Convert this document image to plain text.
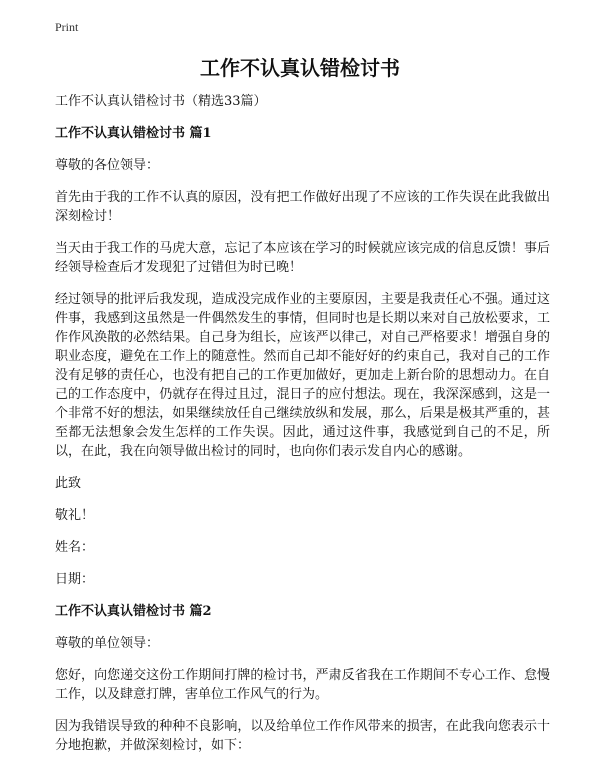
Print
工作不认真认错检讨书

工作不认真认错检讨书（精选33篇）

工作不认真认错检讨书 篇1

尊敬的各位领导：

首先由于我的工作不认真的原因，没有把工作做好出现了不应该的工作失误在此我做出深刻检讨！

当天由于我工作的马虎大意，忘记了本应该在学习的时候就应该完成的信息反馈！事后经领导检查后才发现犯了过错但为时已晚！

经过领导的批评后我发现，造成没完成作业的主要原因，主要是我责任心不强。通过这件事，我感到这虽然是一件偶然发生的事情，但同时也是长期以来对自己放松要求，工作作风涣散的必然结果。自己身为组长，应该严以律己，对自己严格要求！增强自身的职业态度，避免在工作上的随意性。然而自己却不能好好的约束自己，我对自己的工作没有足够的责任心，也没有把自己的工作更加做好，更加走上新台阶的思想动力。在自己的工作态度中，仍就存在得过且过，混日子的应付想法。现在，我深深感到，这是一个非常不好的想法，如果继续放任自己继续放纵和发展，那么，后果是极其严重的，甚至都无法想象会发生怎样的工作失误。因此，通过这件事，我感觉到自己的不足，所以，在此，我在向领导做出检讨的同时，也向你们表示发自内心的感谢。

此致

敬礼！

姓名：

日期：

工作不认真认错检讨书 篇2

尊敬的单位领导：

您好，向您递交这份工作期间打牌的检讨书，严肃反省我在工作期间不专心工作、怠慢工作，以及肆意打牌，害单位工作风气的行为。

因为我错误导致的种种不良影响，以及给单位工作作风带来的损害，在此我向您表示十分地抱歉，并做深刻检讨，如下：
